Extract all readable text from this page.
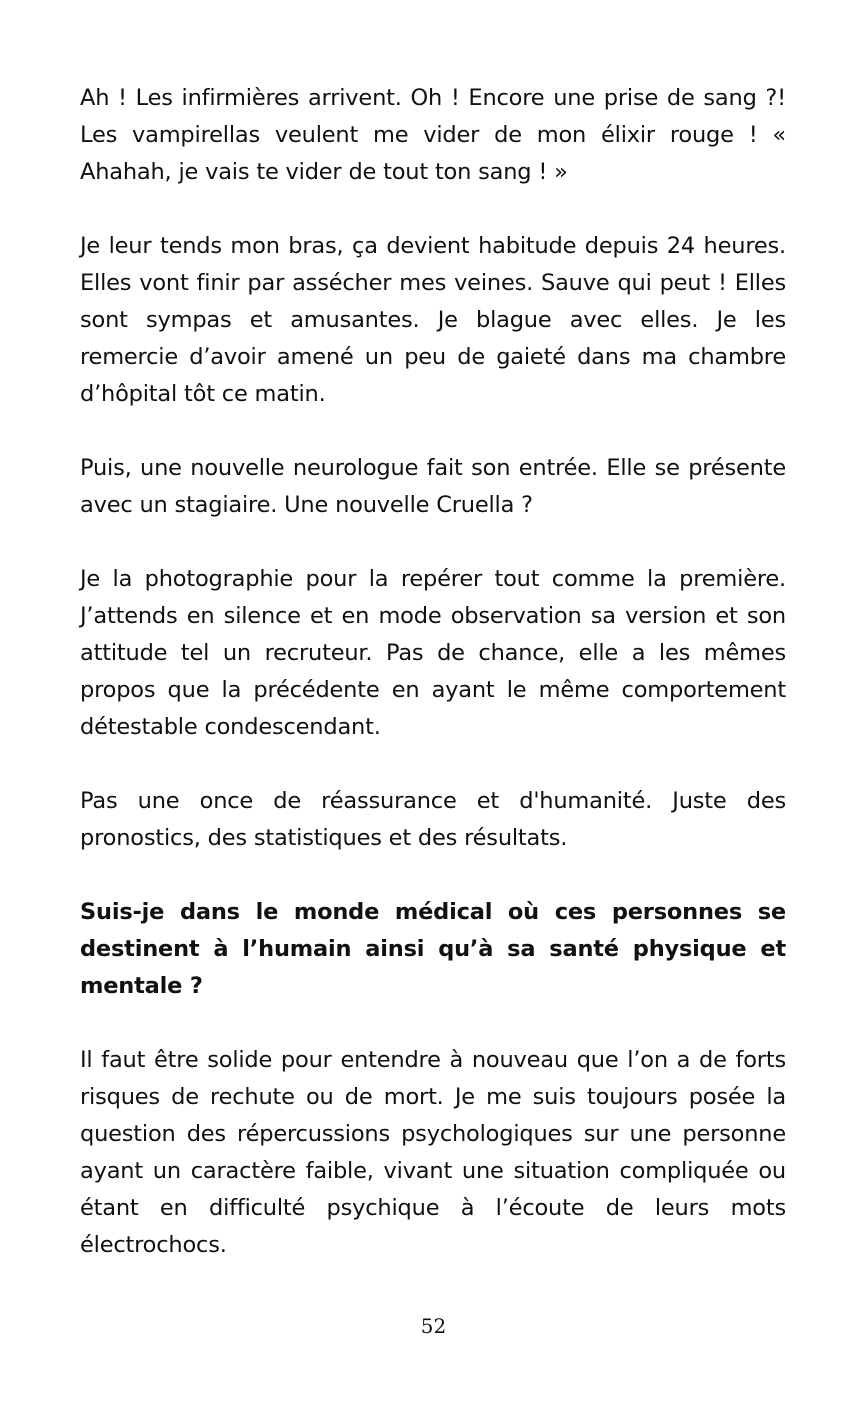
Ah ! Les infirmières arrivent. Oh ! Encore une prise de sang ?! Les vampirellas veulent me vider de mon élixir rouge ! « Ahahah, je vais te vider de tout ton sang ! »

Je leur tends mon bras, ça devient habitude depuis 24 heures. Elles vont finir par assécher mes veines. Sauve qui peut ! Elles sont sympas et amusantes. Je blague avec elles. Je les remercie d’avoir amené un peu de gaieté dans ma chambre d’hôpital tôt ce matin.

Puis, une nouvelle neurologue fait son entrée. Elle se présente avec un stagiaire. Une nouvelle Cruella ?

Je la photographie pour la repérer tout comme la première. J’attends en silence et en mode observation sa version et son attitude tel un recruteur. Pas de chance, elle a les mêmes propos que la précédente en ayant le même comportement détestable condescendant.

Pas une once de réassurance et d'humanité. Juste des pronostics, des statistiques et des résultats.

Suis-je dans le monde médical où ces personnes se destinent à l’humain ainsi qu’à sa santé physique et mentale ?

Il faut être solide pour entendre à nouveau que l’on a de forts risques de rechute ou de mort. Je me suis toujours posée la question des répercussions psychologiques sur une personne ayant un caractère faible, vivant une situation compliquée ou étant en difficulté psychique à l’écoute de leurs mots électrochocs.

52
